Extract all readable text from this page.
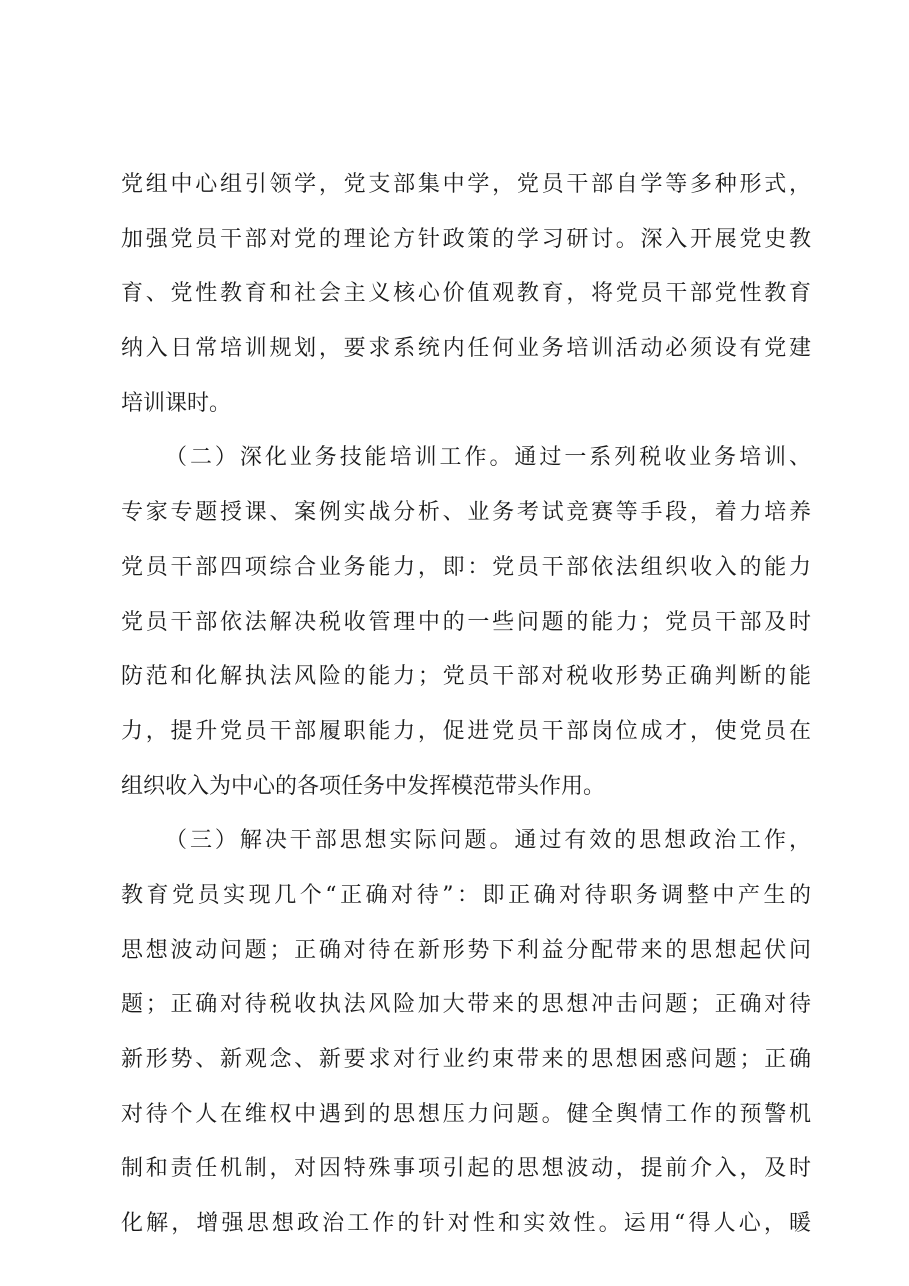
党组中心组引领学，党支部集中学，党员干部自学等多种形式，
加强党员干部对党的理论方针政策的学习研讨。深入开展党史教
育、党性教育和社会主义核心价值观教育，将党员干部党性教育
纳入日常培训规划，要求系统内任何业务培训活动必须设有党建
培训课时。
（二）深化业务技能培训工作。通过一系列税收业务培训、
专家专题授课、案例实战分析、业务考试竞赛等手段，着力培养
党员干部四项综合业务能力，即：党员干部依法组织收入的能力
党员干部依法解决税收管理中的一些问题的能力；党员干部及时
防范和化解执法风险的能力；党员干部对税收形势正确判断的能
力，提升党员干部履职能力，促进党员干部岗位成才，使党员在
组织收入为中心的各项任务中发挥模范带头作用。
（三）解决干部思想实际问题。通过有效的思想政治工作，
教育党员实现几个“正确对待”：即正确对待职务调整中产生的
思想波动问题；正确对待在新形势下利益分配带来的思想起伏问
题；正确对待税收执法风险加大带来的思想冲击问题；正确对待
新形势、新观念、新要求对行业约束带来的思想困惑问题；正确
对待个人在维权中遇到的思想压力问题。健全舆情工作的预警机
制和责任机制，对因特殊事项引起的思想波动，提前介入，及时
化解，增强思想政治工作的针对性和实效性。运用“得人心，暖
